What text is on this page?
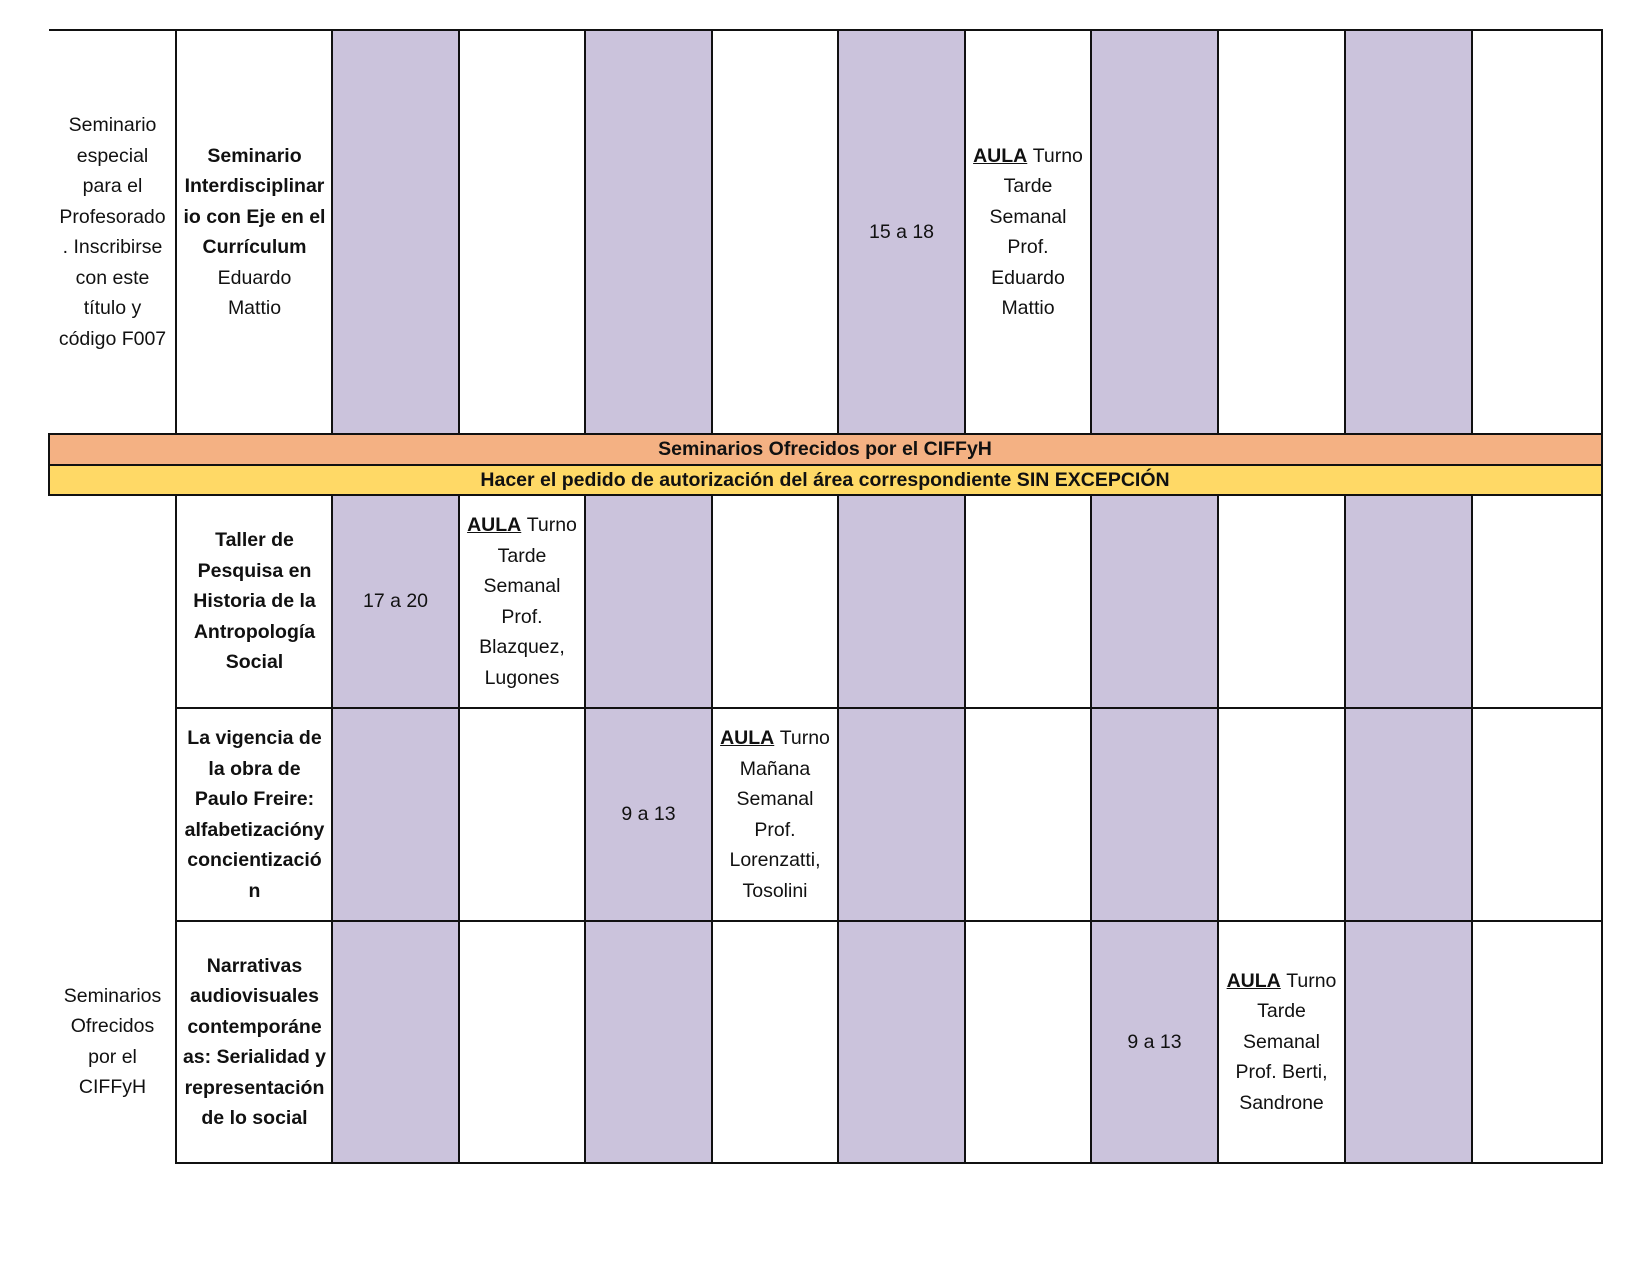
Seminarios Ofrecidos por el CIFFyH
Hacer el pedido de autorización del área correspondiente SIN EXCEPCIÓN
Seminario
especial
para el
Profesorado
. Inscribirse
con este
título y
código F007
Seminario
Interdisciplinar
io con Eje en el
Currículum
Eduardo
Mattio
15 a 18
AULA Turno
Tarde
Semanal
Prof.
Eduardo
Mattio
Seminarios
Ofrecidos
por el
CIFFyH
Taller de
Pesquisa en
Historia de la
Antropología
Social
17 a 20
AULA Turno
Tarde
Semanal
Prof.
Blazquez,
Lugones
La vigencia de
la obra de
Paulo Freire:
alfabetizacióny
concientizació
n
9 a 13
AULA Turno
Mañana
Semanal
Prof.
Lorenzatti,
Tosolini
Narrativas
audiovisuales
contemporáne
as: Serialidad y
representación
de lo social
9 a 13
AULA Turno
Tarde
Semanal
Prof. Berti,
Sandrone
